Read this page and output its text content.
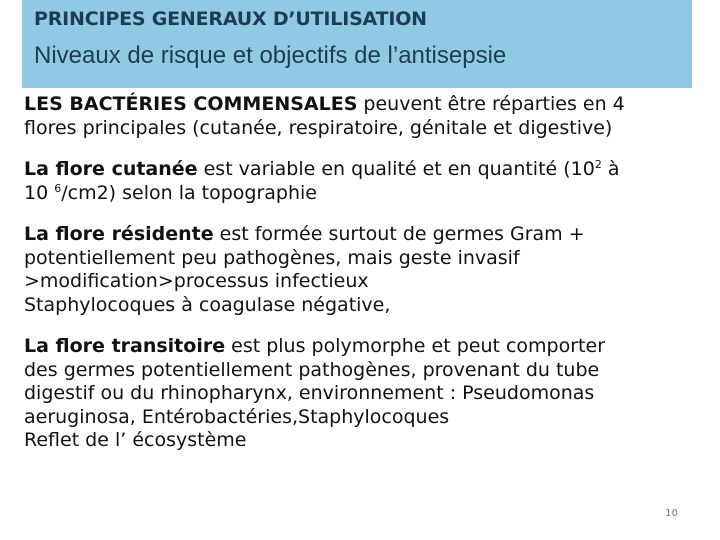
PRINCIPES GENERAUX D’UTILISATION
Niveaux de risque et objectifs de l’antisepsie

LES BACTÉRIES COMMENSALES peuvent être réparties en 4
flores principales (cutanée, respiratoire, génitale et digestive)

La flore cutanée est variable en qualité et en quantité ($10^2$ à
10 $^6$/cm2) selon la topographie

La flore résidente est formée surtout de germes Gram +
potentiellement peu pathogènes, mais geste invasif
>modification>processus infectieux
Staphylocoques à coagulase négative,

La flore transitoire est plus polymorphe et peut comporter
des germes potentiellement pathogènes, provenant du tube
digestif ou du rhinopharynx, environnement : Pseudomonas
aeruginosa, Entérobactéries,Staphylocoques
Reflet de l’ écosystème

10
